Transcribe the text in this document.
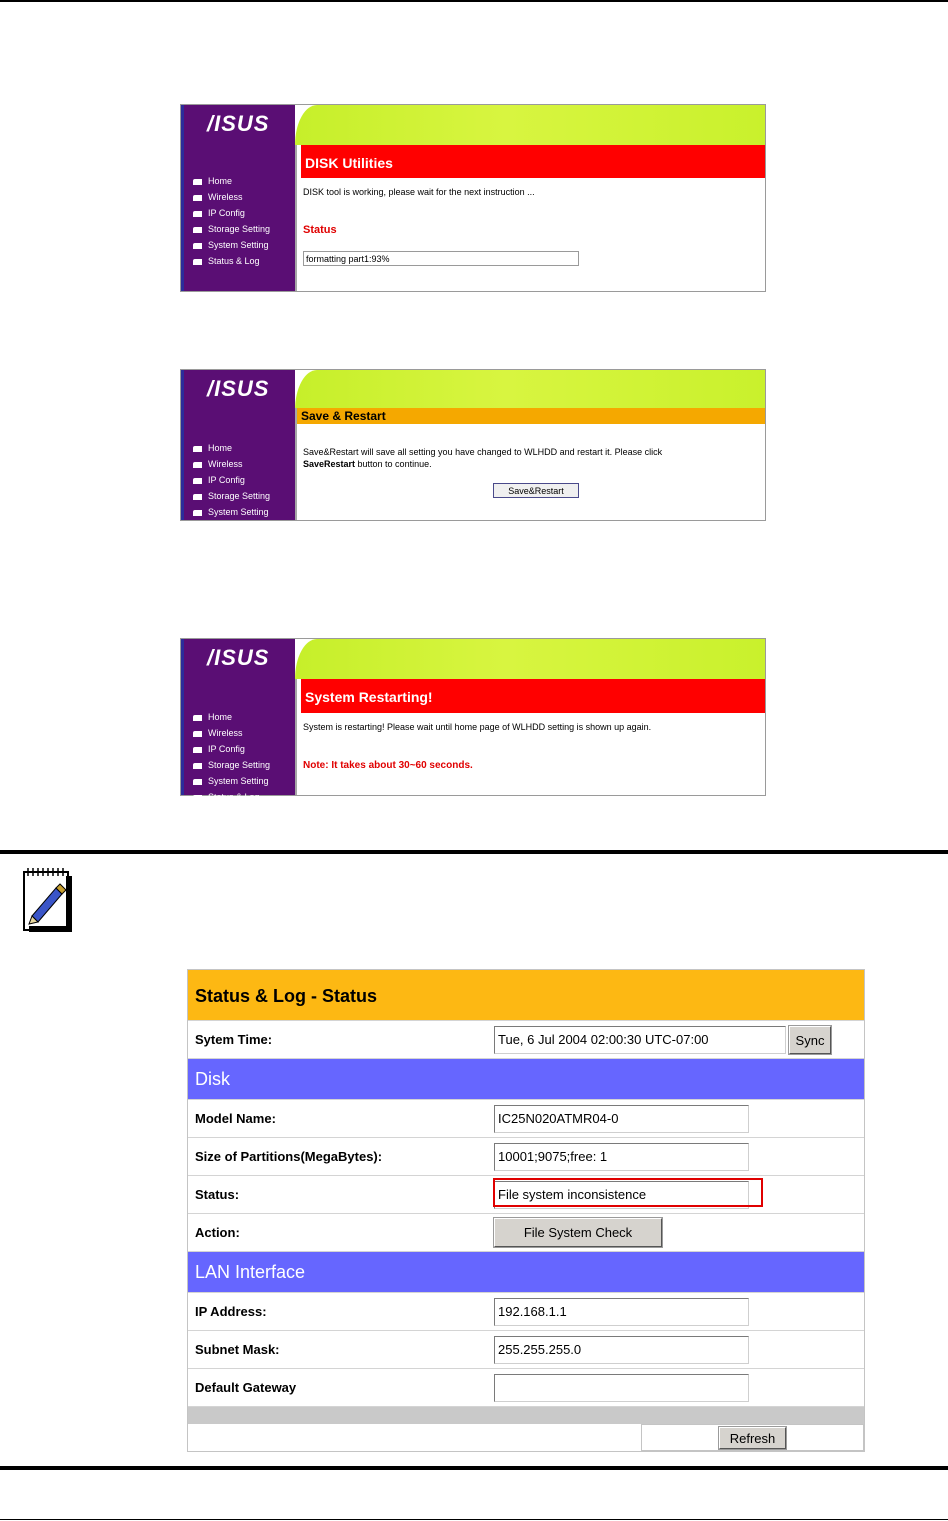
/ISUS
Home
Wireless
IP Config
Storage Setting
System Setting
Status & Log
DISK Utilities
DISK tool is working, please wait for the next instruction ...
Status
formatting part1:93%
/ISUS
Home
Wireless
IP Config
Storage Setting
System Setting
Save & Restart
Save&Restart will save all setting you have changed to WLHDD and restart it. Please click
SaveRestart button to continue.
Save&Restart
/ISUS
Home
Wireless
IP Config
Storage Setting
System Setting
Status & Log
System Restarting!
System is restarting! Please wait until home page of WLHDD setting is shown up again.
Note: It takes about 30~60 seconds.
Status & Log - Status
Sytem Time:	Tue, 6 Jul 2004 02:00:30 UTC-07:00	Sync
Disk
Model Name:	IC25N020ATMR04-0
Size of Partitions(MegaBytes):	10001;9075;free: 1
Status:	File system inconsistence
Action:	File System Check
LAN Interface
IP Address:	192.168.1.1
Subnet Mask:	255.255.255.0
Default Gateway
Refresh
